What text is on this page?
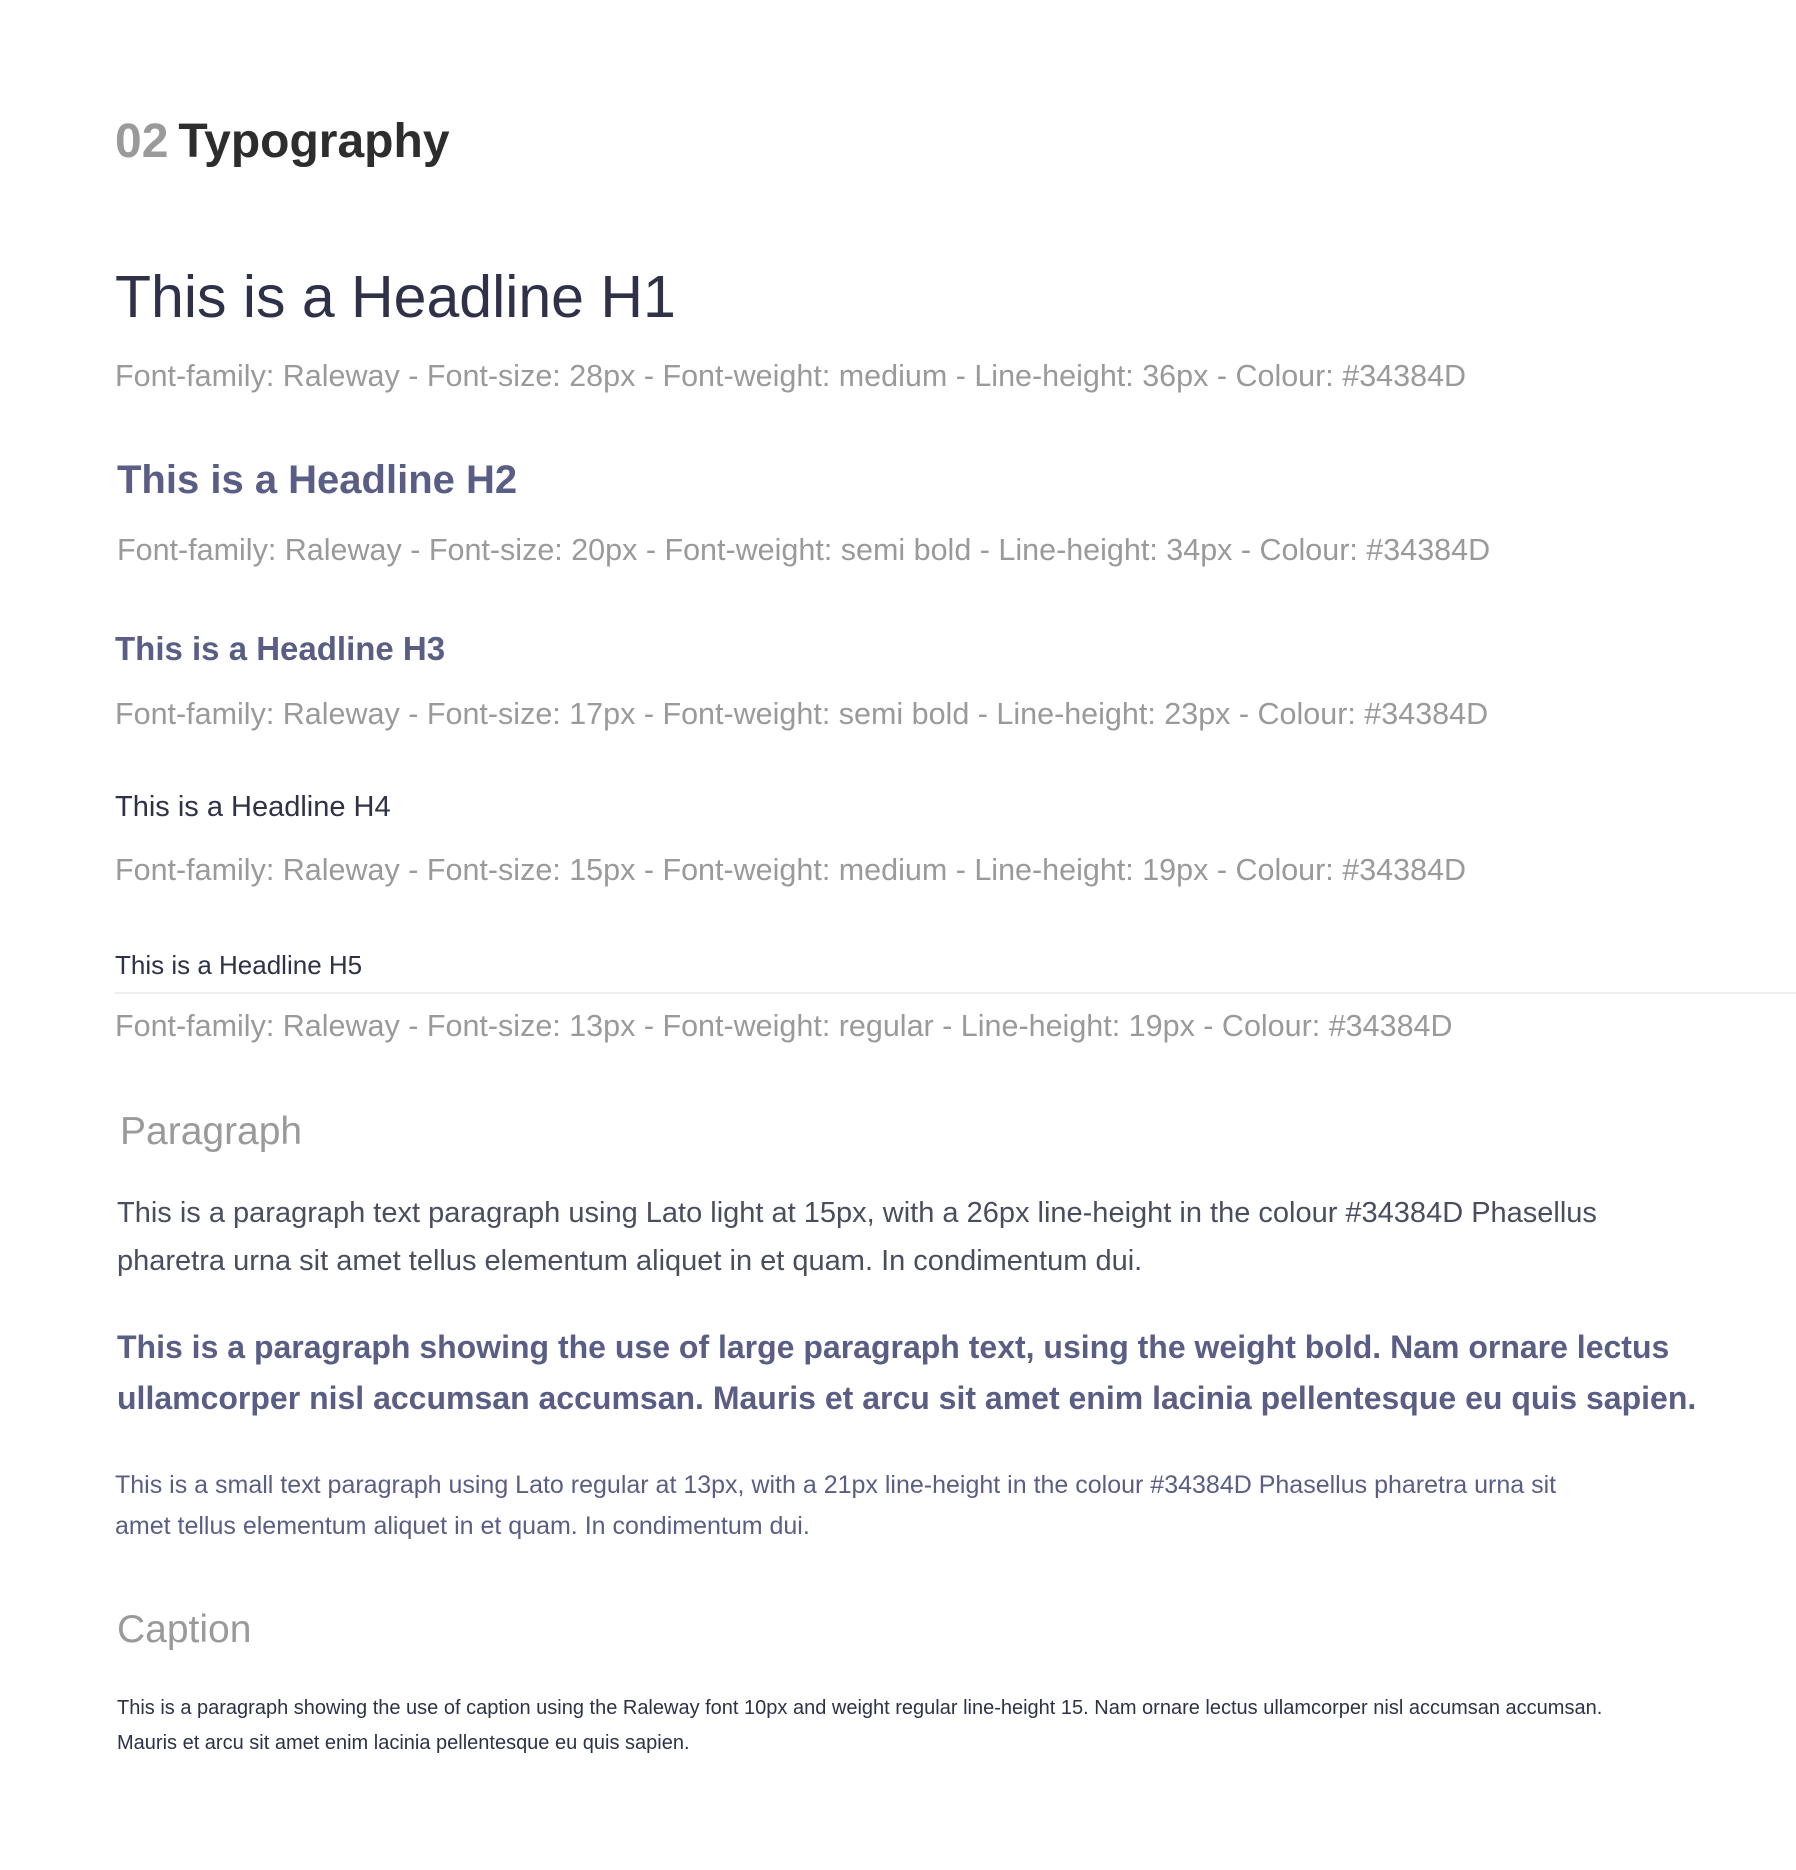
02 Typography
This is a Headline H1
Font-family: Raleway - Font-size: 28px - Font-weight: medium - Line-height: 36px - Colour: #34384D
This is a Headline H2
Font-family: Raleway - Font-size: 20px - Font-weight: semi bold - Line-height: 34px - Colour: #34384D
This is a Headline H3
Font-family: Raleway - Font-size: 17px - Font-weight: semi bold - Line-height: 23px - Colour: #34384D
This is a Headline H4
Font-family: Raleway - Font-size: 15px - Font-weight: medium - Line-height: 19px - Colour: #34384D
This is a Headline H5
Font-family: Raleway - Font-size: 13px - Font-weight: regular - Line-height: 19px - Colour: #34384D
Paragraph

This is a paragraph text paragraph using Lato light at 15px, with a 26px line-height in the colour #34384D Phasellus pharetra urna sit amet tellus elementum aliquet in et quam. In condimentum dui.

This is a paragraph showing the use of large paragraph text, using the weight bold. Nam ornare lectus ullamcorper nisl accumsan accumsan. Mauris et arcu sit amet enim lacinia pellentesque eu quis sapien.

This is a small text paragraph using Lato regular at 13px, with a 21px line-height in the colour #34384D Phasellus pharetra urna sit amet tellus elementum aliquet in et quam. In condimentum dui.

Caption

This is a paragraph showing the use of caption using the Raleway font 10px and weight regular line-height 15. Nam ornare lectus ullamcorper nisl accumsan accumsan. Mauris et arcu sit amet enim lacinia pellentesque eu quis sapien.
